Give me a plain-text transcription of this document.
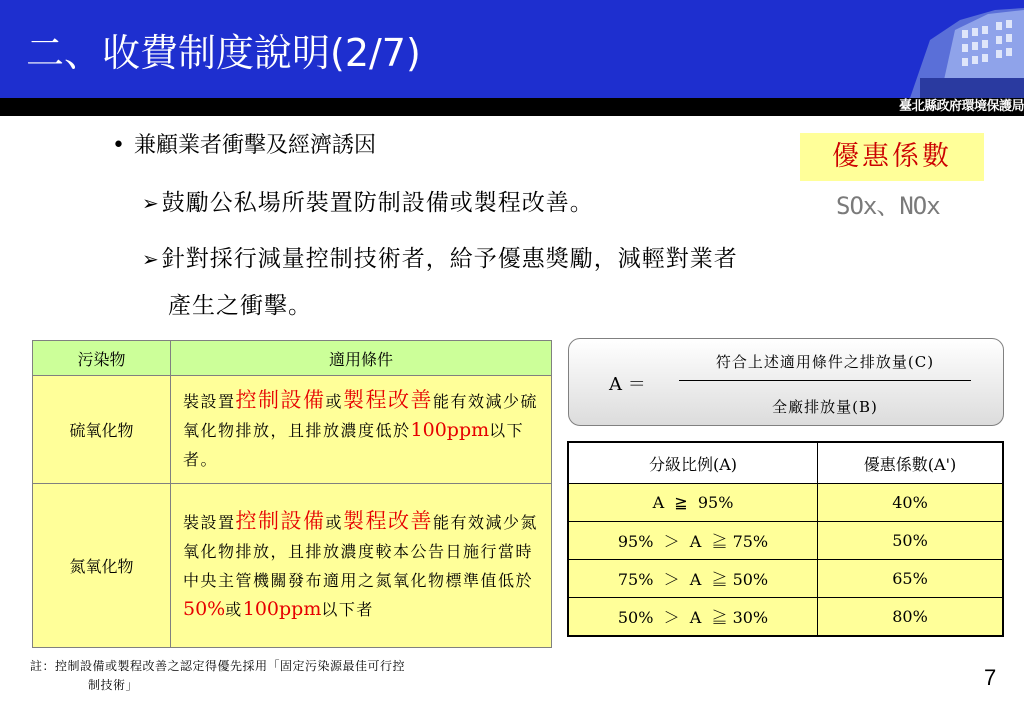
二、收費制度說明(2/7)
臺北縣政府環境保護局
• 兼顧業者衝擊及經濟誘因
➢鼓勵公私場所裝置防制設備或製程改善。
➢針對採行減量控制技術者，給予優惠獎勵，減輕對業者
產生之衝擊。
優惠係數
SOx、NOx
污染物	適用條件
硫氧化物	裝設置控制設備或製程改善能有效減少硫氧化物排放，且排放濃度低於100ppm以下者。
氮氧化物	裝設置控制設備或製程改善能有效減少氮氧化物排放，且排放濃度較本公告日施行當時中央主管機關發布適用之氮氧化物標準值低於50%或100ppm以下者
A ＝
符合上述適用條件之排放量(C)
全廠排放量(B)
分級比例(A)	優惠係數(A')
A  ≧  95%	40%
95%  ＞  A  ≧ 75%	50%
75%  ＞  A  ≧ 50%	65%
50%  ＞  A  ≧ 30%	80%
註：控制設備或製程改善之認定得優先採用「固定污染源最佳可行控
制技術」	7
